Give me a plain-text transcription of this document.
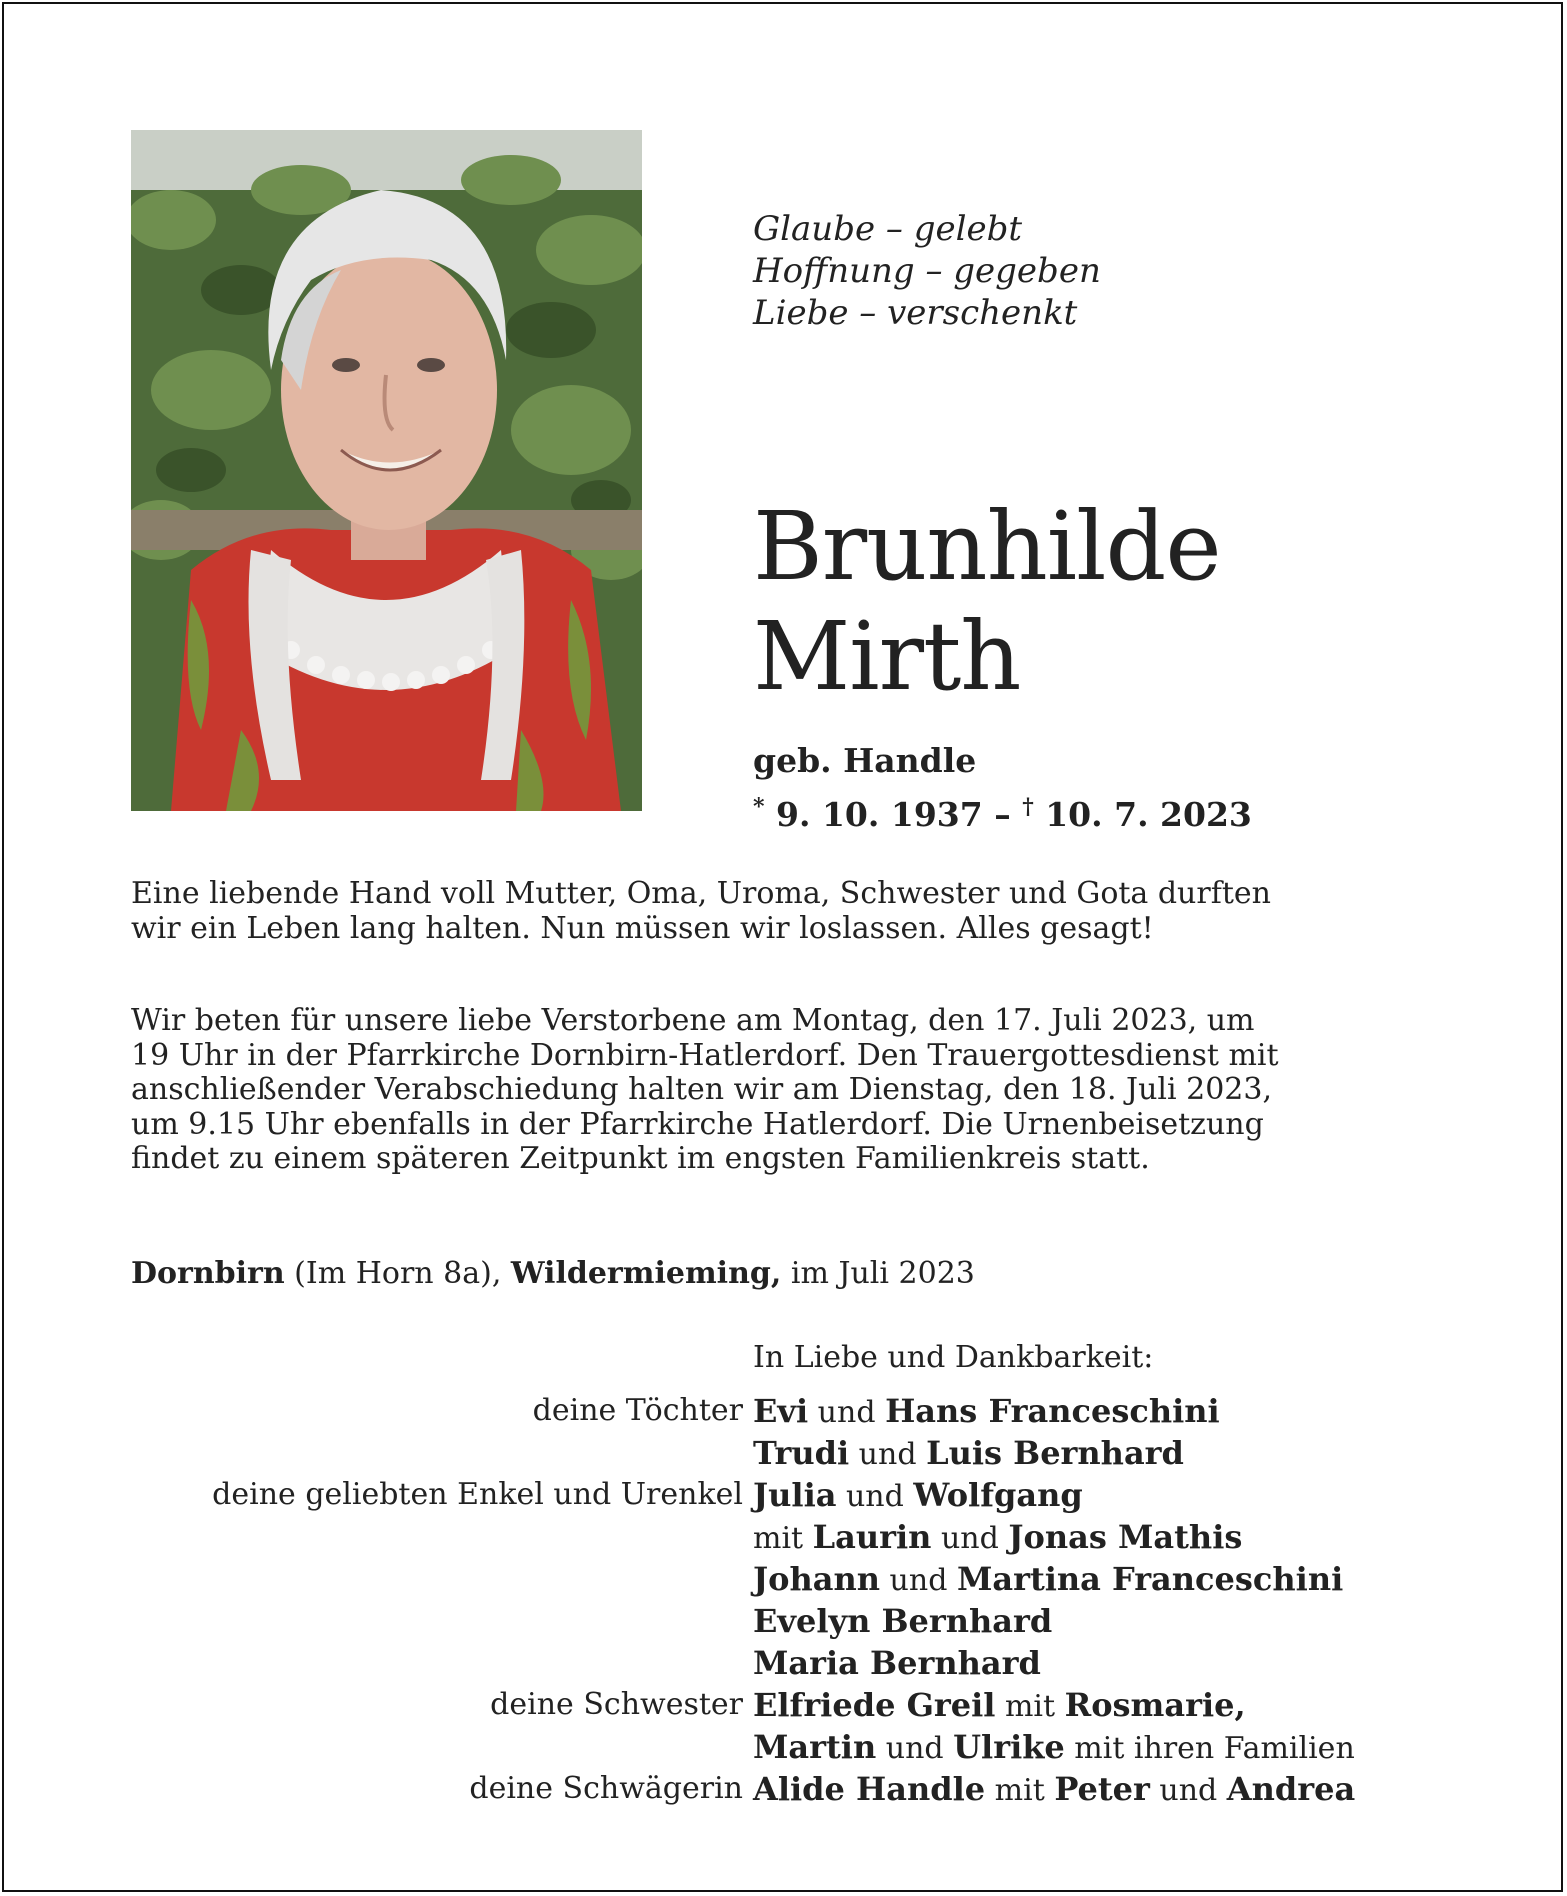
Glaube – gelebt
Hoffnung – gegeben
Liebe – verschenkt
Brunhilde
Mirth
geb. Handle
* 9. 10. 1937 – † 10. 7. 2023
Eine liebende Hand voll Mutter, Oma, Uroma, Schwester und Gota durften
wir ein Leben lang halten. Nun müssen wir loslassen. Alles gesagt!
Wir beten für unsere liebe Verstorbene am Montag, den 17. Juli 2023, um
19 Uhr in der Pfarrkirche Dornbirn-Hatlerdorf. Den Trauergottesdienst mit
anschließender Verabschiedung halten wir am Dienstag, den 18. Juli 2023,
um 9.15 Uhr ebenfalls in der Pfarrkirche Hatlerdorf. Die Urnenbeisetzung
findet zu einem späteren Zeitpunkt im engsten Familienkreis statt.
Dornbirn (Im Horn 8a), Wildermieming, im Juli 2023
In Liebe und Dankbarkeit:
deine Töchter Evi und Hans Franceschini
Trudi und Luis Bernhard
deine geliebten Enkel und Urenkel Julia und Wolfgang
mit Laurin und Jonas Mathis
Johann und Martina Franceschini
Evelyn Bernhard
Maria Bernhard
deine Schwester Elfriede Greil mit Rosmarie,
Martin und Ulrike mit ihren Familien
deine Schwägerin Alide Handle mit Peter und Andrea
